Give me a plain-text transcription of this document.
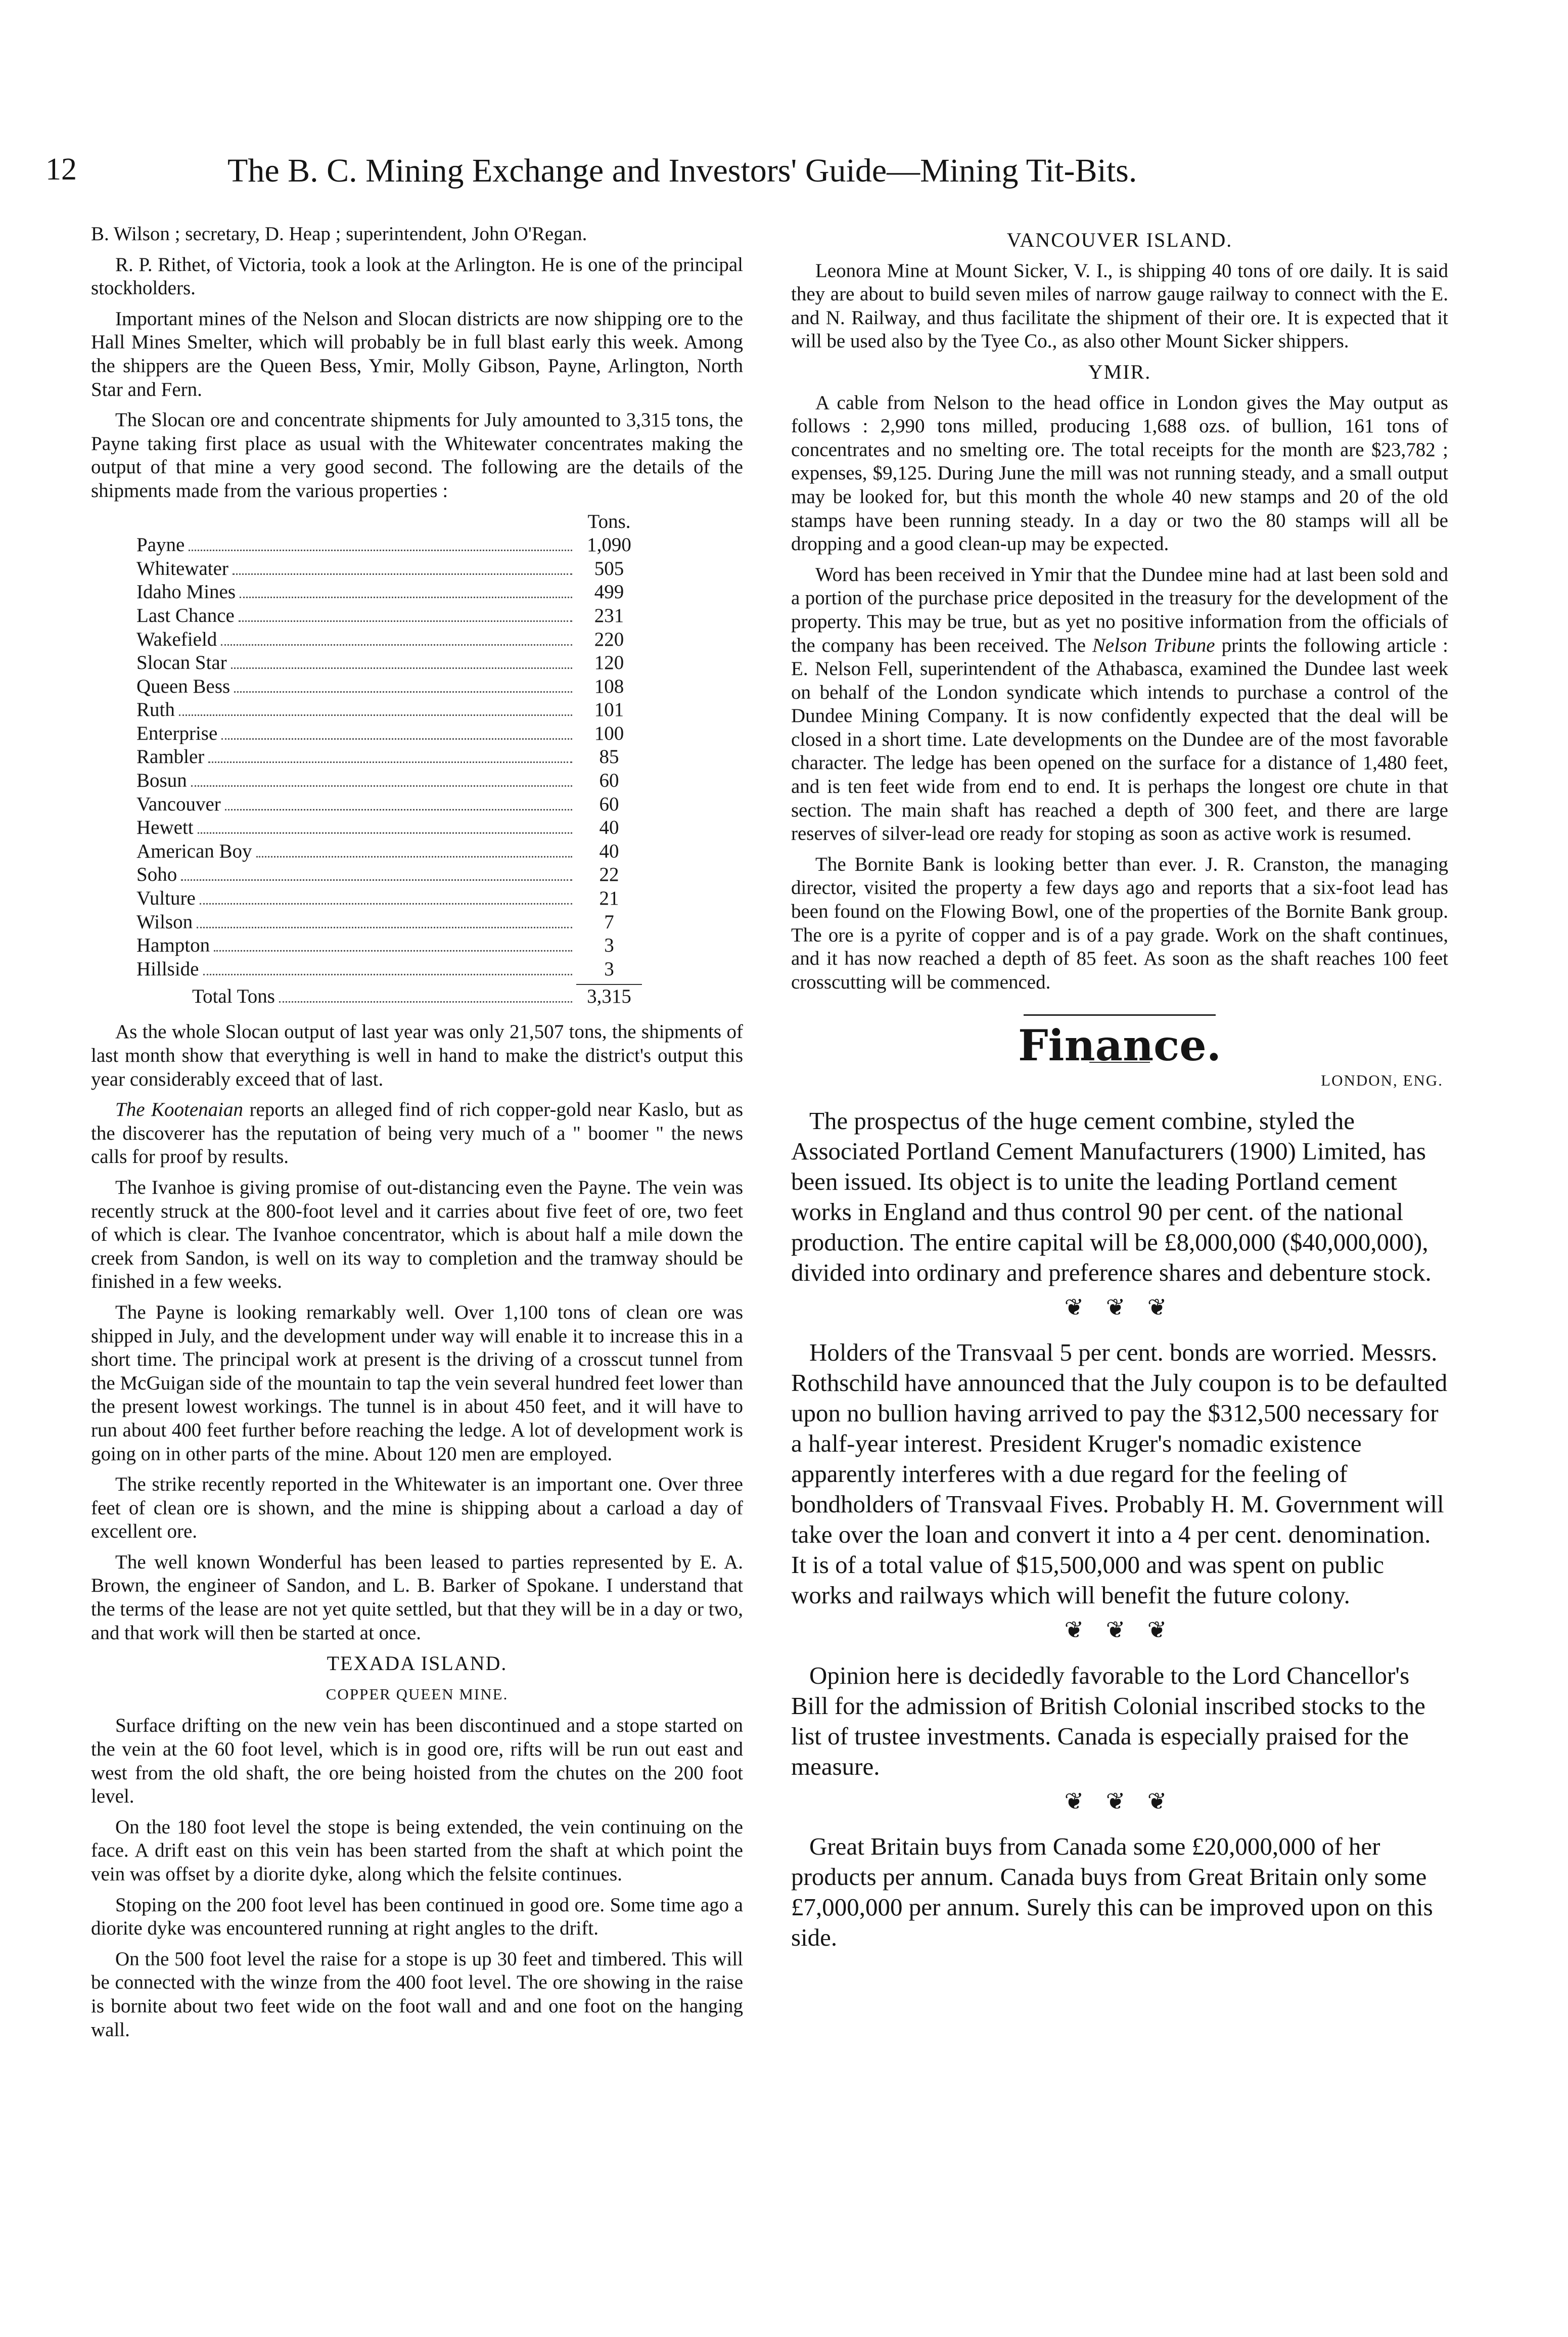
12	The B. C. Mining Exchange and Investors' Guide—Mining Tit-Bits.

B. Wilson ; secretary, D. Heap ; superintendent, John O'Regan.

R. P. Rithet, of Victoria, took a look at the Arlington. He is one of the principal stockholders.

Important mines of the Nelson and Slocan districts are now shipping ore to the Hall Mines Smelter, which will probably be in full blast early this week. Among the shippers are the Queen Bess, Ymir, Molly Gibson, Payne, Arlington, North Star and Fern.

The Slocan ore and concentrate shipments for July amounted to 3,315 tons, the Payne taking first place as usual with the Whitewater concentrates making the output of that mine a very good second. The following are the details of the shipments made from the various properties :

Tons.
Payne	1,090
Whitewater	505
Idaho Mines	499
Last Chance	231
Wakefield	220
Slocan Star	120
Queen Bess	108
Ruth	101
Enterprise	100
Rambler	85
Bosun	60
Vancouver	60
Hewett	40
American Boy	40
Soho	22
Vulture	21
Wilson	7
Hampton	3
Hillside	3
Total Tons	3,315

As the whole Slocan output of last year was only 21,507 tons, the shipments of last month show that everything is well in hand to make the district's output this year considerably exceed that of last.

The Kootenaian reports an alleged find of rich copper-gold near Kaslo, but as the discoverer has the reputation of being very much of a " boomer " the news calls for proof by results.

The Ivanhoe is giving promise of out-distancing even the Payne. The vein was recently struck at the 800-foot level and it carries about five feet of ore, two feet of which is clear. The Ivanhoe concentrator, which is about half a mile down the creek from Sandon, is well on its way to completion and the tramway should be finished in a few weeks.

The Payne is looking remarkably well. Over 1,100 tons of clean ore was shipped in July, and the development under way will enable it to increase this in a short time. The principal work at present is the driving of a crosscut tunnel from the McGuigan side of the mountain to tap the vein several hundred feet lower than the present lowest workings. The tunnel is in about 450 feet, and it will have to run about 400 feet further before reaching the ledge. A lot of development work is going on in other parts of the mine. About 120 men are employed.

The strike recently reported in the Whitewater is an important one. Over three feet of clean ore is shown, and the mine is shipping about a carload a day of excellent ore.

The well known Wonderful has been leased to parties represented by E. A. Brown, the engineer of Sandon, and L. B. Barker of Spokane. I understand that the terms of the lease are not yet quite settled, but that they will be in a day or two, and that work will then be started at once.

TEXADA ISLAND.
COPPER QUEEN MINE.

Surface drifting on the new vein has been discontinued and a stope started on the vein at the 60 foot level, which is in good ore, rifts will be run out east and west from the old shaft, the ore being hoisted from the chutes on the 200 foot level.

On the 180 foot level the stope is being extended, the vein continuing on the face. A drift east on this vein has been started from the shaft at which point the vein was offset by a diorite dyke, along which the felsite continues.

Stoping on the 200 foot level has been continued in good ore. Some time ago a diorite dyke was encountered running at right angles to the drift.

On the 500 foot level the raise for a stope is up 30 feet and timbered. This will be connected with the winze from the 400 foot level. The ore showing in the raise is bornite about two feet wide on the foot wall and and one foot on the hanging wall.

VANCOUVER ISLAND.

Leonora Mine at Mount Sicker, V. I., is shipping 40 tons of ore daily. It is said they are about to build seven miles of narrow gauge railway to connect with the E. and N. Railway, and thus facilitate the shipment of their ore. It is expected that it will be used also by the Tyee Co., as also other Mount Sicker shippers.

YMIR.

A cable from Nelson to the head office in London gives the May output as follows : 2,990 tons milled, producing 1,688 ozs. of bullion, 161 tons of concentrates and no smelting ore. The total receipts for the month are $23,782 ; expenses, $9,125. During June the mill was not running steady, and a small output may be looked for, but this month the whole 40 new stamps and 20 of the old stamps have been running steady. In a day or two the 80 stamps will all be dropping and a good clean-up may be expected.

Word has been received in Ymir that the Dundee mine had at last been sold and a portion of the purchase price deposited in the treasury for the development of the property. This may be true, but as yet no positive information from the officials of the company has been received. The Nelson Tribune prints the following article : E. Nelson Fell, superintendent of the Athabasca, examined the Dundee last week on behalf of the London syndicate which intends to purchase a control of the Dundee Mining Company. It is now confidently expected that the deal will be closed in a short time. Late developments on the Dundee are of the most favorable character. The ledge has been opened on the surface for a distance of 1,480 feet, and is ten feet wide from end to end. It is perhaps the longest ore chute in that section. The main shaft has reached a depth of 300 feet, and there are large reserves of silver-lead ore ready for stoping as soon as active work is resumed.

The Bornite Bank is looking better than ever. J. R. Cranston, the managing director, visited the property a few days ago and reports that a six-foot lead has been found on the Flowing Bowl, one of the properties of the Bornite Bank group. The ore is a pyrite of copper and is of a pay grade. Work on the shaft continues, and it has now reached a depth of 85 feet. As soon as the shaft reaches 100 feet crosscutting will be commenced.

Finance.
LONDON, ENG.

The prospectus of the huge cement combine, styled the Associated Portland Cement Manufacturers (1900) Limited, has been issued. Its object is to unite the leading Portland cement works in England and thus control 90 per cent. of the national production. The entire capital will be £8,000,000 ($40,000,000), divided into ordinary and preference shares and debenture stock.

❦ ❦ ❦

Holders of the Transvaal 5 per cent. bonds are worried. Messrs. Rothschild have announced that the July coupon is to be defaulted upon no bullion having arrived to pay the $312,500 necessary for a half-year interest. President Kruger's nomadic existence apparently interferes with a due regard for the feeling of bondholders of Transvaal Fives. Probably H. M. Government will take over the loan and convert it into a 4 per cent. denomination. It is of a total value of $15,500,000 and was spent on public works and railways which will benefit the future colony.

❦ ❦ ❦

Opinion here is decidedly favorable to the Lord Chancellor's Bill for the admission of British Colonial inscribed stocks to the list of trustee investments. Canada is especially praised for the measure.

❦ ❦ ❦

Great Britain buys from Canada some £20,000,000 of her products per annum. Canada buys from Great Britain only some £7,000,000 per annum. Surely this can be improved upon on this side.
